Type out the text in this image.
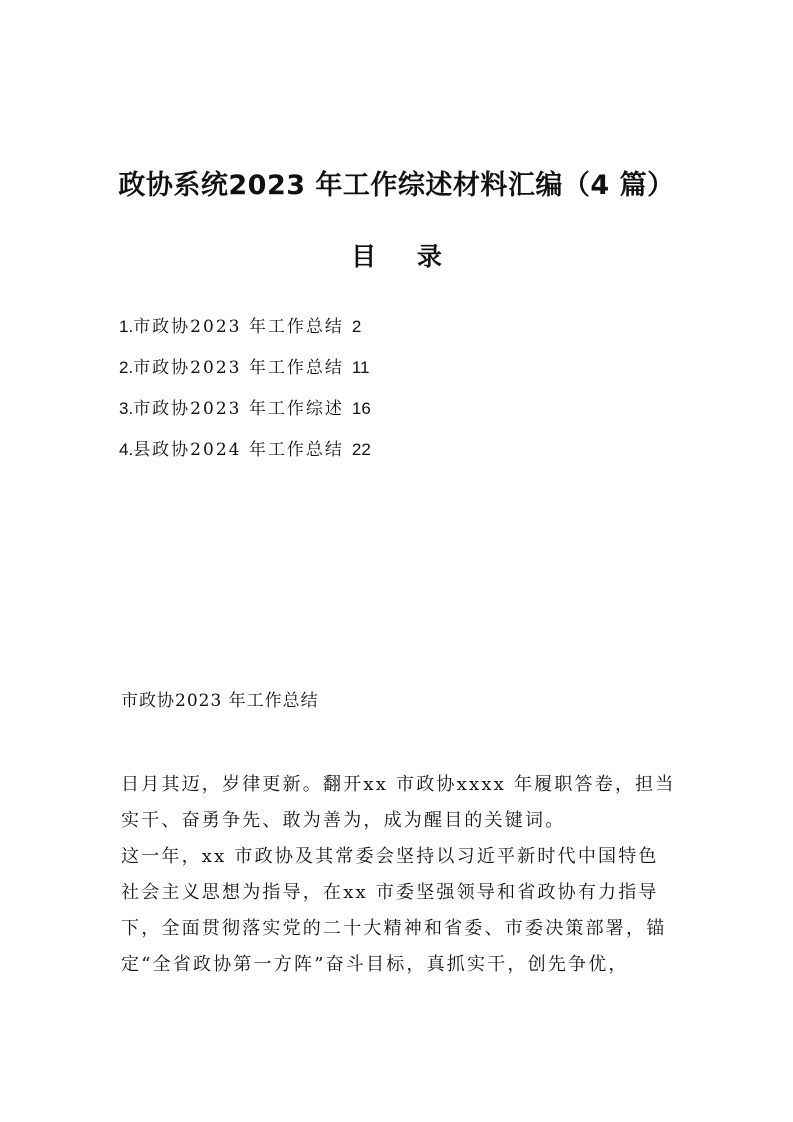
政协系统2023 年工作综述材料汇编（4 篇）
目 录
1.市政协2023 年工作总结 2
2.市政协2023 年工作总结 11
3.市政协2023 年工作综述 16
4.县政协2024 年工作总结 22
市政协2023 年工作总结

日月其迈，岁律更新。翻开xx 市政协xxxx 年履职答卷，担当实干、奋勇争先、敢为善为，成为醒目的关键词。

这一年，xx 市政协及其常委会坚持以习近平新时代中国特色社会主义思想为指导，在xx 市委坚强领导和省政协有力指导下，全面贯彻落实党的二十大精神和省委、市委决策部署，锚定“全省政协第一方阵”奋斗目标，真抓实干，创先争优，
